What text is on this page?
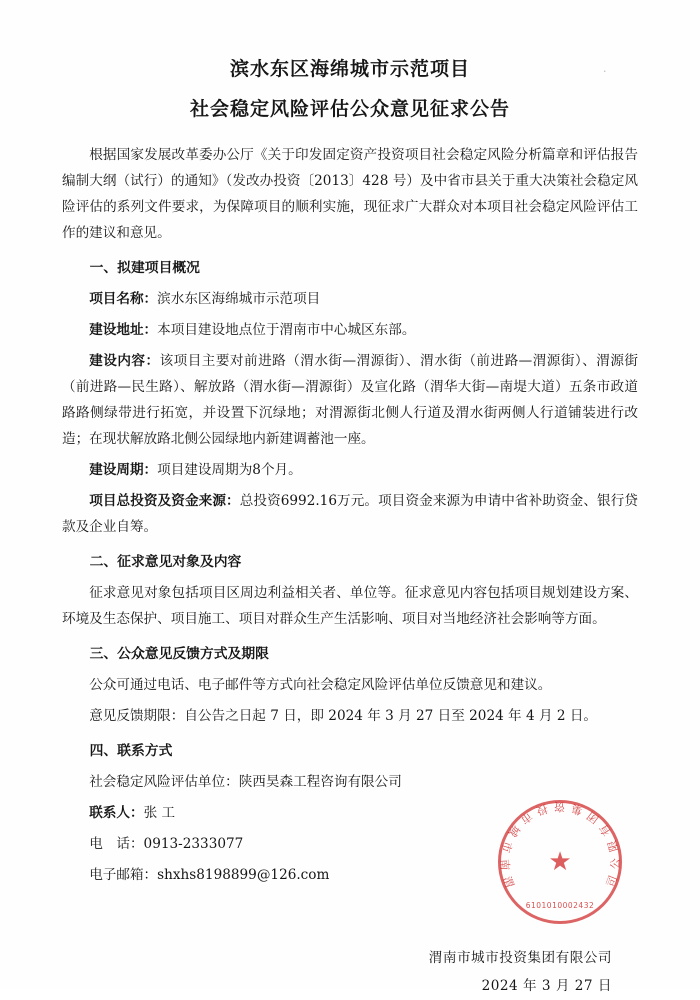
·
滨水东区海绵城市示范项目
社会稳定风险评估公众意见征求公告
根据国家发展改革委办公厅《关于印发固定资产投资项目社会稳定风险分析篇章和评估报告编制大纲（试行）的通知》（发改办投资〔2013〕428 号）及中省市县关于重大决策社会稳定风险评估的系列文件要求，为保障项目的顺利实施，现征求广大群众对本项目社会稳定风险评估工作的建议和意见。
一、拟建项目概况
项目名称：滨水东区海绵城市示范项目
建设地址：本项目建设地点位于渭南市中心城区东部。
建设内容：该项目主要对前进路（渭水街—渭源街）、渭水街（前进路—渭源街）、渭源街（前进路—民生路）、解放路（渭水街—渭源街）及宣化路（渭华大街—南堤大道）五条市政道路路侧绿带进行拓宽，并设置下沉绿地；对渭源街北侧人行道及渭水街两侧人行道铺装进行改造；在现状解放路北侧公园绿地内新建调蓄池一座。
建设周期：项目建设周期为8个月。
项目总投资及资金来源：总投资6992.16万元。项目资金来源为申请中省补助资金、银行贷款及企业自筹。
二、征求意见对象及内容
征求意见对象包括项目区周边利益相关者、单位等。征求意见内容包括项目规划建设方案、环境及生态保护、项目施工、项目对群众生产生活影响、项目对当地经济社会影响等方面。
三、公众意见反馈方式及期限
公众可通过电话、电子邮件等方式向社会稳定风险评估单位反馈意见和建议。
意见反馈期限：自公告之日起 7 日，即 2024 年 3 月 27 日至 2024 年 4 月 2 日。
四、联系方式
社会稳定风险评估单位：陕西昊森工程咨询有限公司
联系人：张 工
电　话：0913-2333077
电子邮箱：shxhs8198899@126.com
渭南市城市投资集团有限公司
2024 年 3 月 27 日
渭
南
市
城
市 投 资 集 团
有
限
公
司
★
6101010002432
